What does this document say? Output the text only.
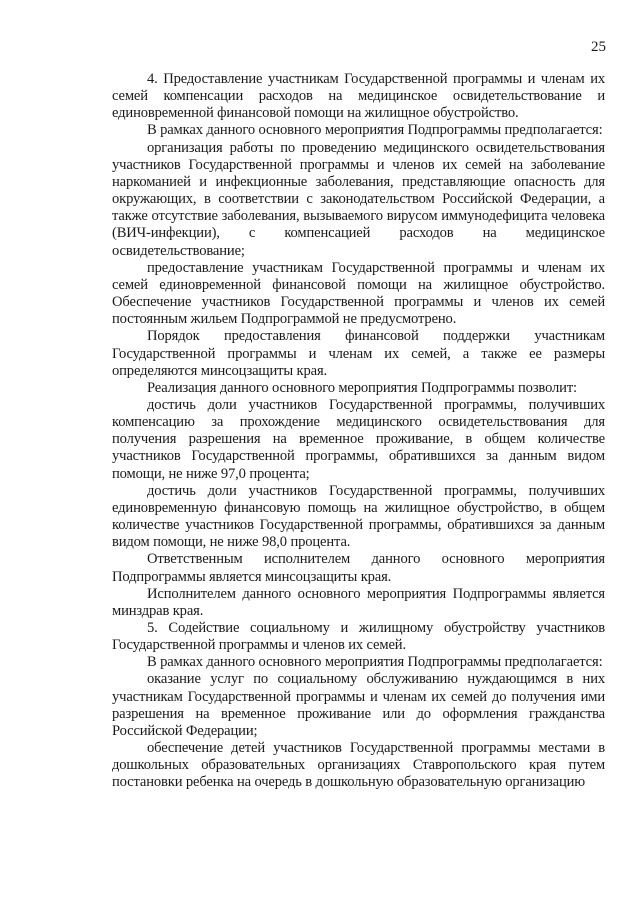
25

4. Предоставление участникам Государственной программы и членам их семей компенсации расходов на медицинское освидетельствование и единовременной финансовой помощи на жилищное обустройство.

В рамках данного основного мероприятия Подпрограммы предполагается:

организация работы по проведению медицинского освидетельствования участников Государственной программы и членов их семей на заболевание наркоманией и инфекционные заболевания, представляющие опасность для окружающих, в соответствии с законодательством Российской Федерации, а также отсутствие заболевания, вызываемого вирусом иммунодефицита человека (ВИЧ-инфекции), с компенсацией расходов на медицинское освидетельствование;

предоставление участникам Государственной программы и членам их семей единовременной финансовой помощи на жилищное обустройство. Обеспечение участников Государственной программы и членов их семей постоянным жильем Подпрограммой не предусмотрено.

Порядок предоставления финансовой поддержки участникам Государственной программы и членам их семей, а также ее размеры определяются минсоцзащиты края.

Реализация данного основного мероприятия Подпрограммы позволит:

достичь доли участников Государственной программы, получивших компенсацию за прохождение медицинского освидетельствования для получения разрешения на временное проживание, в общем количестве участников Государственной программы, обратившихся за данным видом помощи, не ниже 97,0 процента;

достичь доли участников Государственной программы, получивших единовременную финансовую помощь на жилищное обустройство, в общем количестве участников Государственной программы, обратившихся за данным видом помощи, не ниже 98,0 процента.

Ответственным исполнителем данного основного мероприятия Подпрограммы является минсоцзащиты края.

Исполнителем данного основного мероприятия Подпрограммы является минздрав края.

5. Содействие социальному и жилищному обустройству участников Государственной программы и членов их семей.

В рамках данного основного мероприятия Подпрограммы предполагается:

оказание услуг по социальному обслуживанию нуждающимся в них участникам Государственной программы и членам их семей до получения ими разрешения на временное проживание или до оформления гражданства Российской Федерации;

обеспечение детей участников Государственной программы местами в дошкольных образовательных организациях Ставропольского края путем постановки ребенка на очередь в дошкольную образовательную организацию
